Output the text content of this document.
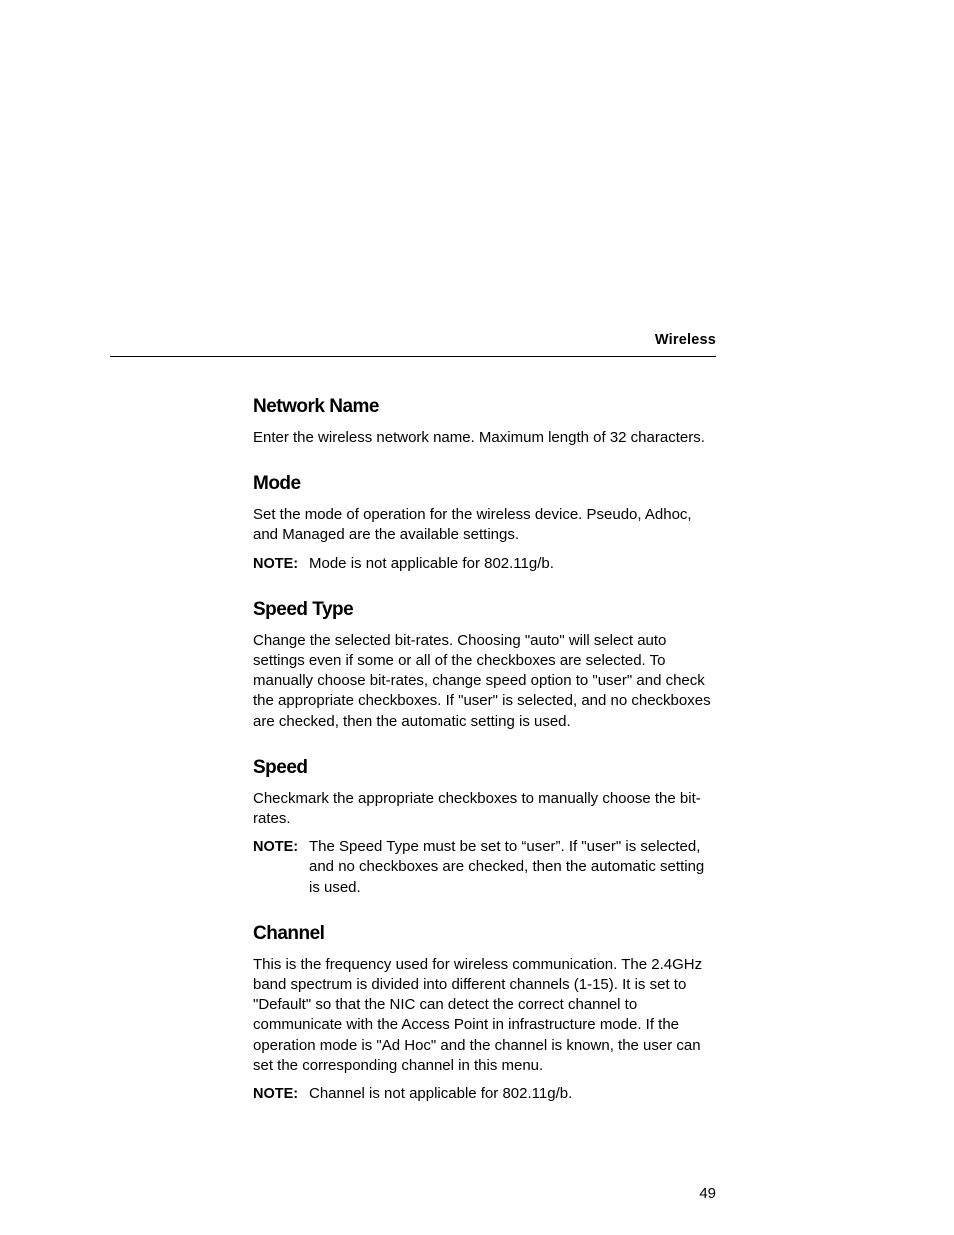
Wireless
Network Name

Enter the wireless network name. Maximum length of 32 characters.

Mode

Set the mode of operation for the wireless device. Pseudo, Adhoc, and Managed are the available settings.

NOTE: Mode is not applicable for 802.11g/b.
Speed Type

Change the selected bit-rates. Choosing "auto" will select auto settings even if some or all of the checkboxes are selected. To manually choose bit-rates, change speed option to "user" and check the appropriate checkboxes. If "user" is selected, and no checkboxes are checked, then the automatic setting is used.

Speed

Checkmark the appropriate checkboxes to manually choose the bit-rates.

NOTE: The Speed Type must be set to “user”. If "user" is selected, and no checkboxes are checked, then the automatic setting is used.
Channel

This is the frequency used for wireless communication. The 2.4GHz band spectrum is divided into different channels (1-15). It is set to "Default" so that the NIC can detect the correct channel to communicate with the Access Point in infrastructure mode. If the operation mode is "Ad Hoc" and the channel is known, the user can set the corresponding channel in this menu.

NOTE: Channel is not applicable for 802.11g/b.
49
